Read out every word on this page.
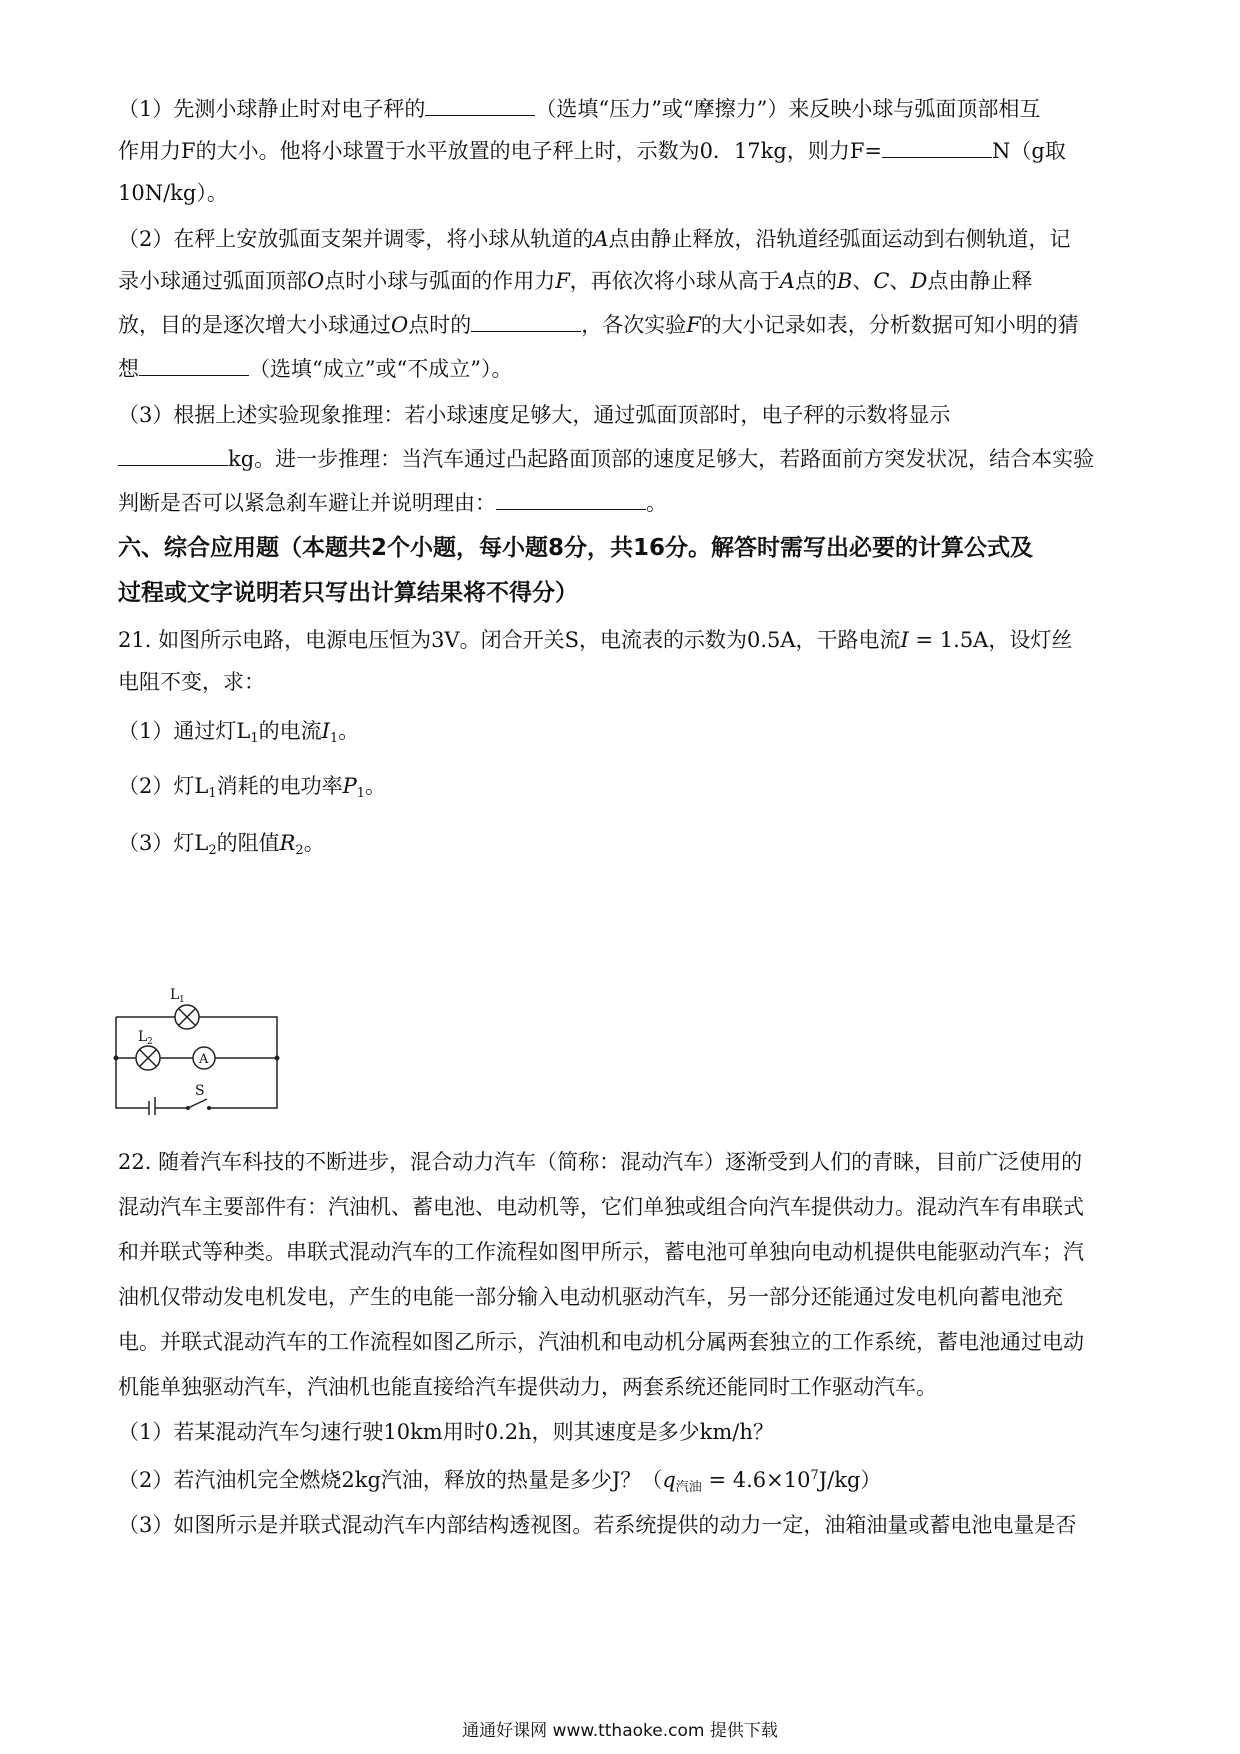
（1）先测小球静止时对电子秤的	（选填“压力”或“摩擦力”）来反映小球与弧面顶部相互
作用力F的大小。他将小球置于水平放置的电子秤上时，示数为0．17kg，则力F=	N（g取
10N/kg）。
（2）在秤上安放弧面支架并调零，将小球从轨道的A点由静止释放，沿轨道经弧面运动到右侧轨道，记
录小球通过弧面顶部O点时小球与弧面的作用力F，再依次将小球从高于A点的B、C、D点由静止释
放，目的是逐次增大小球通过O点时的	，各次实验F的大小记录如表，分析数据可知小明的猜
想	（选填“成立”或“不成立”）。
（3）根据上述实验现象推理：若小球速度足够大，通过弧面顶部时，电子秤的示数将显示
kg。进一步推理：当汽车通过凸起路面顶部的速度足够大，若路面前方突发状况，结合本实验
判断是否可以紧急刹车避让并说明理由：	。
六、综合应用题（本题共2个小题，每小题8分，共16分。解答时需写出必要的计算公式及
过程或文字说明若只写出计算结果将不得分）
21. 如图所示电路，电源电压恒为3V。闭合开关S，电流表的示数为0.5A，干路电流I = 1.5A，设灯丝
电阻不变，求：
（1）通过灯$L_1$的电流$I_1$。
（2）灯$L_1$消耗的电功率$P_1$。
（3）灯$L_2$的阻值$R_2$。
L 1
L 2
A
S
22. 随着汽车科技的不断进步，混合动力汽车（简称：混动汽车）逐渐受到人们的青睐，目前广泛使用的
混动汽车主要部件有：汽油机、蓄电池、电动机等，它们单独或组合向汽车提供动力。混动汽车有串联式
和并联式等种类。串联式混动汽车的工作流程如图甲所示，蓄电池可单独向电动机提供电能驱动汽车；汽
油机仅带动发电机发电，产生的电能一部分输入电动机驱动汽车，另一部分还能通过发电机向蓄电池充
电。并联式混动汽车的工作流程如图乙所示，汽油机和电动机分属两套独立的工作系统，蓄电池通过电动
机能单独驱动汽车，汽油机也能直接给汽车提供动力，两套系统还能同时工作驱动汽车。
（1）若某混动汽车匀速行驶10km用时0.2h，则其速度是多少km/h？
（2）若汽油机完全燃烧2kg汽油，释放的热量是多少J？$(q_{汽油} = 4.6\times 10^7J/kg)$
（3）如图所示是并联式混动汽车内部结构透视图。若系统提供的动力一定，油箱油量或蓄电池电量是否
通通好课网 www.tthaoke.com 提供下载
